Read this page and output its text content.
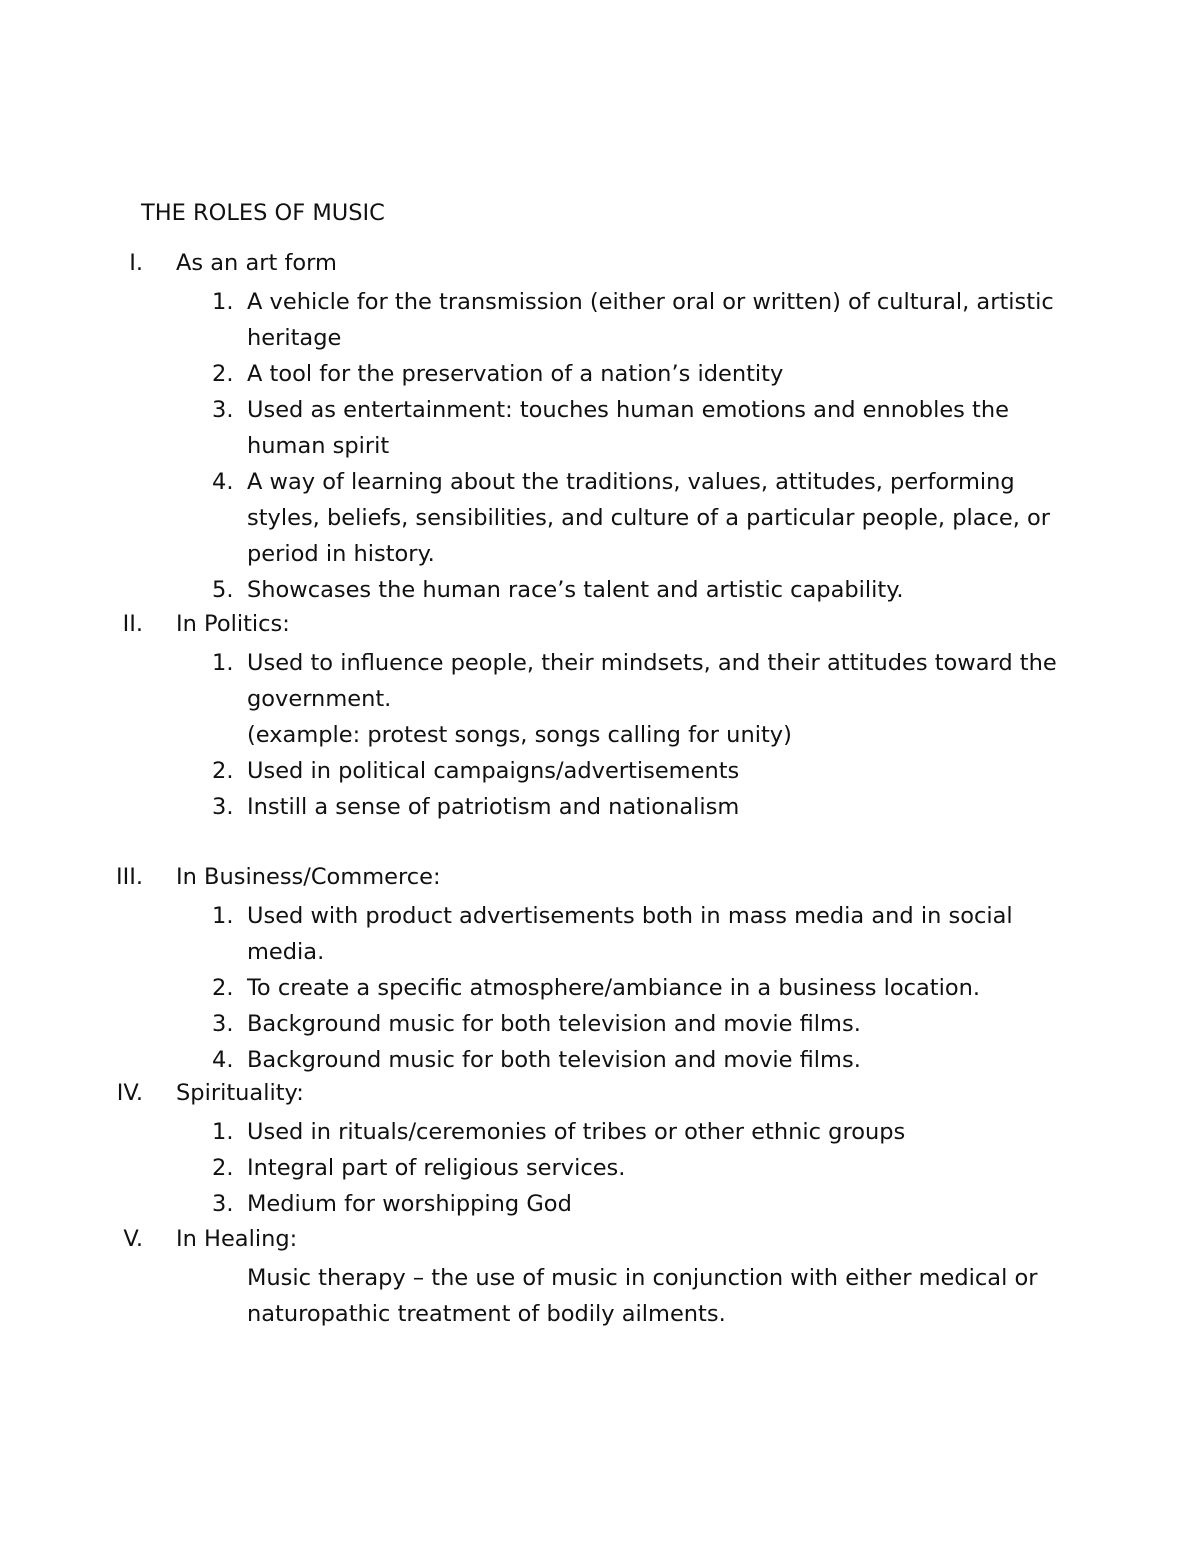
THE ROLES OF MUSIC
I. As an art form
1. A vehicle for the transmission (either oral or written) of cultural, artistic
heritage
2. A tool for the preservation of a nation’s identity
3. Used as entertainment: touches human emotions and ennobles the
human spirit
4. A way of learning about the traditions, values, attitudes, performing
styles, beliefs, sensibilities, and culture of a particular people, place, or
period in history.
5. Showcases the human race’s talent and artistic capability.
II. In Politics:
1. Used to influence people, their mindsets, and their attitudes toward the
government.
(example: protest songs, songs calling for unity)
2. Used in political campaigns/advertisements
3. Instill a sense of patriotism and nationalism
III. In Business/Commerce:
1. Used with product advertisements both in mass media and in social
media.
2. To create a specific atmosphere/ambiance in a business location.
3. Background music for both television and movie films.
4. Background music for both television and movie films.
IV. Spirituality:
1. Used in rituals/ceremonies of tribes or other ethnic groups
2. Integral part of religious services.
3. Medium for worshipping God
V. In Healing:
Music therapy – the use of music in conjunction with either medical or
naturopathic treatment of bodily ailments.
